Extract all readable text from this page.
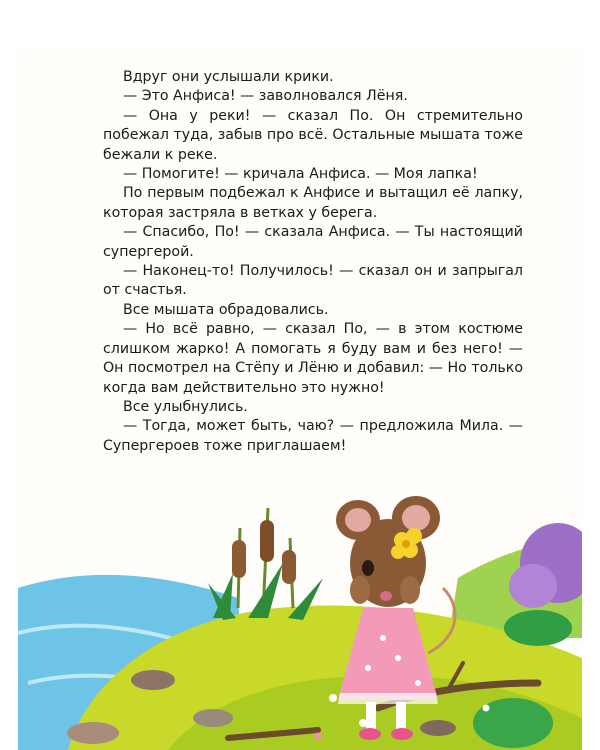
Вдруг они услышали крики.

— Это Анфиса! — заволновался Лёня.

— Она у реки! — сказал По. Он стремительно побежал туда, забыв про всё. Остальные мышата тоже бежали к реке.

— Помогите! — кричала Анфиса. — Моя лапка!

По первым подбежал к Анфисе и вытащил её лапку, которая застряла в ветках у берега.

— Спасибо, По! — сказала Анфиса. — Ты настоящий супергерой.

— Наконец-то! Получилось! — сказал он и запрыгал от счастья.

Все мышата обрадовались.

— Но всё равно, — сказал По, — в этом костюме слишком жарко! А помогать я буду вам и без него! — Он посмотрел на Стёпу и Лёню и добавил: — Но только когда вам действительно это нужно!

Все улыбнулись.

— Тогда, может быть, чаю? — предложила Мила. — Супергероев тоже приглашаем!
